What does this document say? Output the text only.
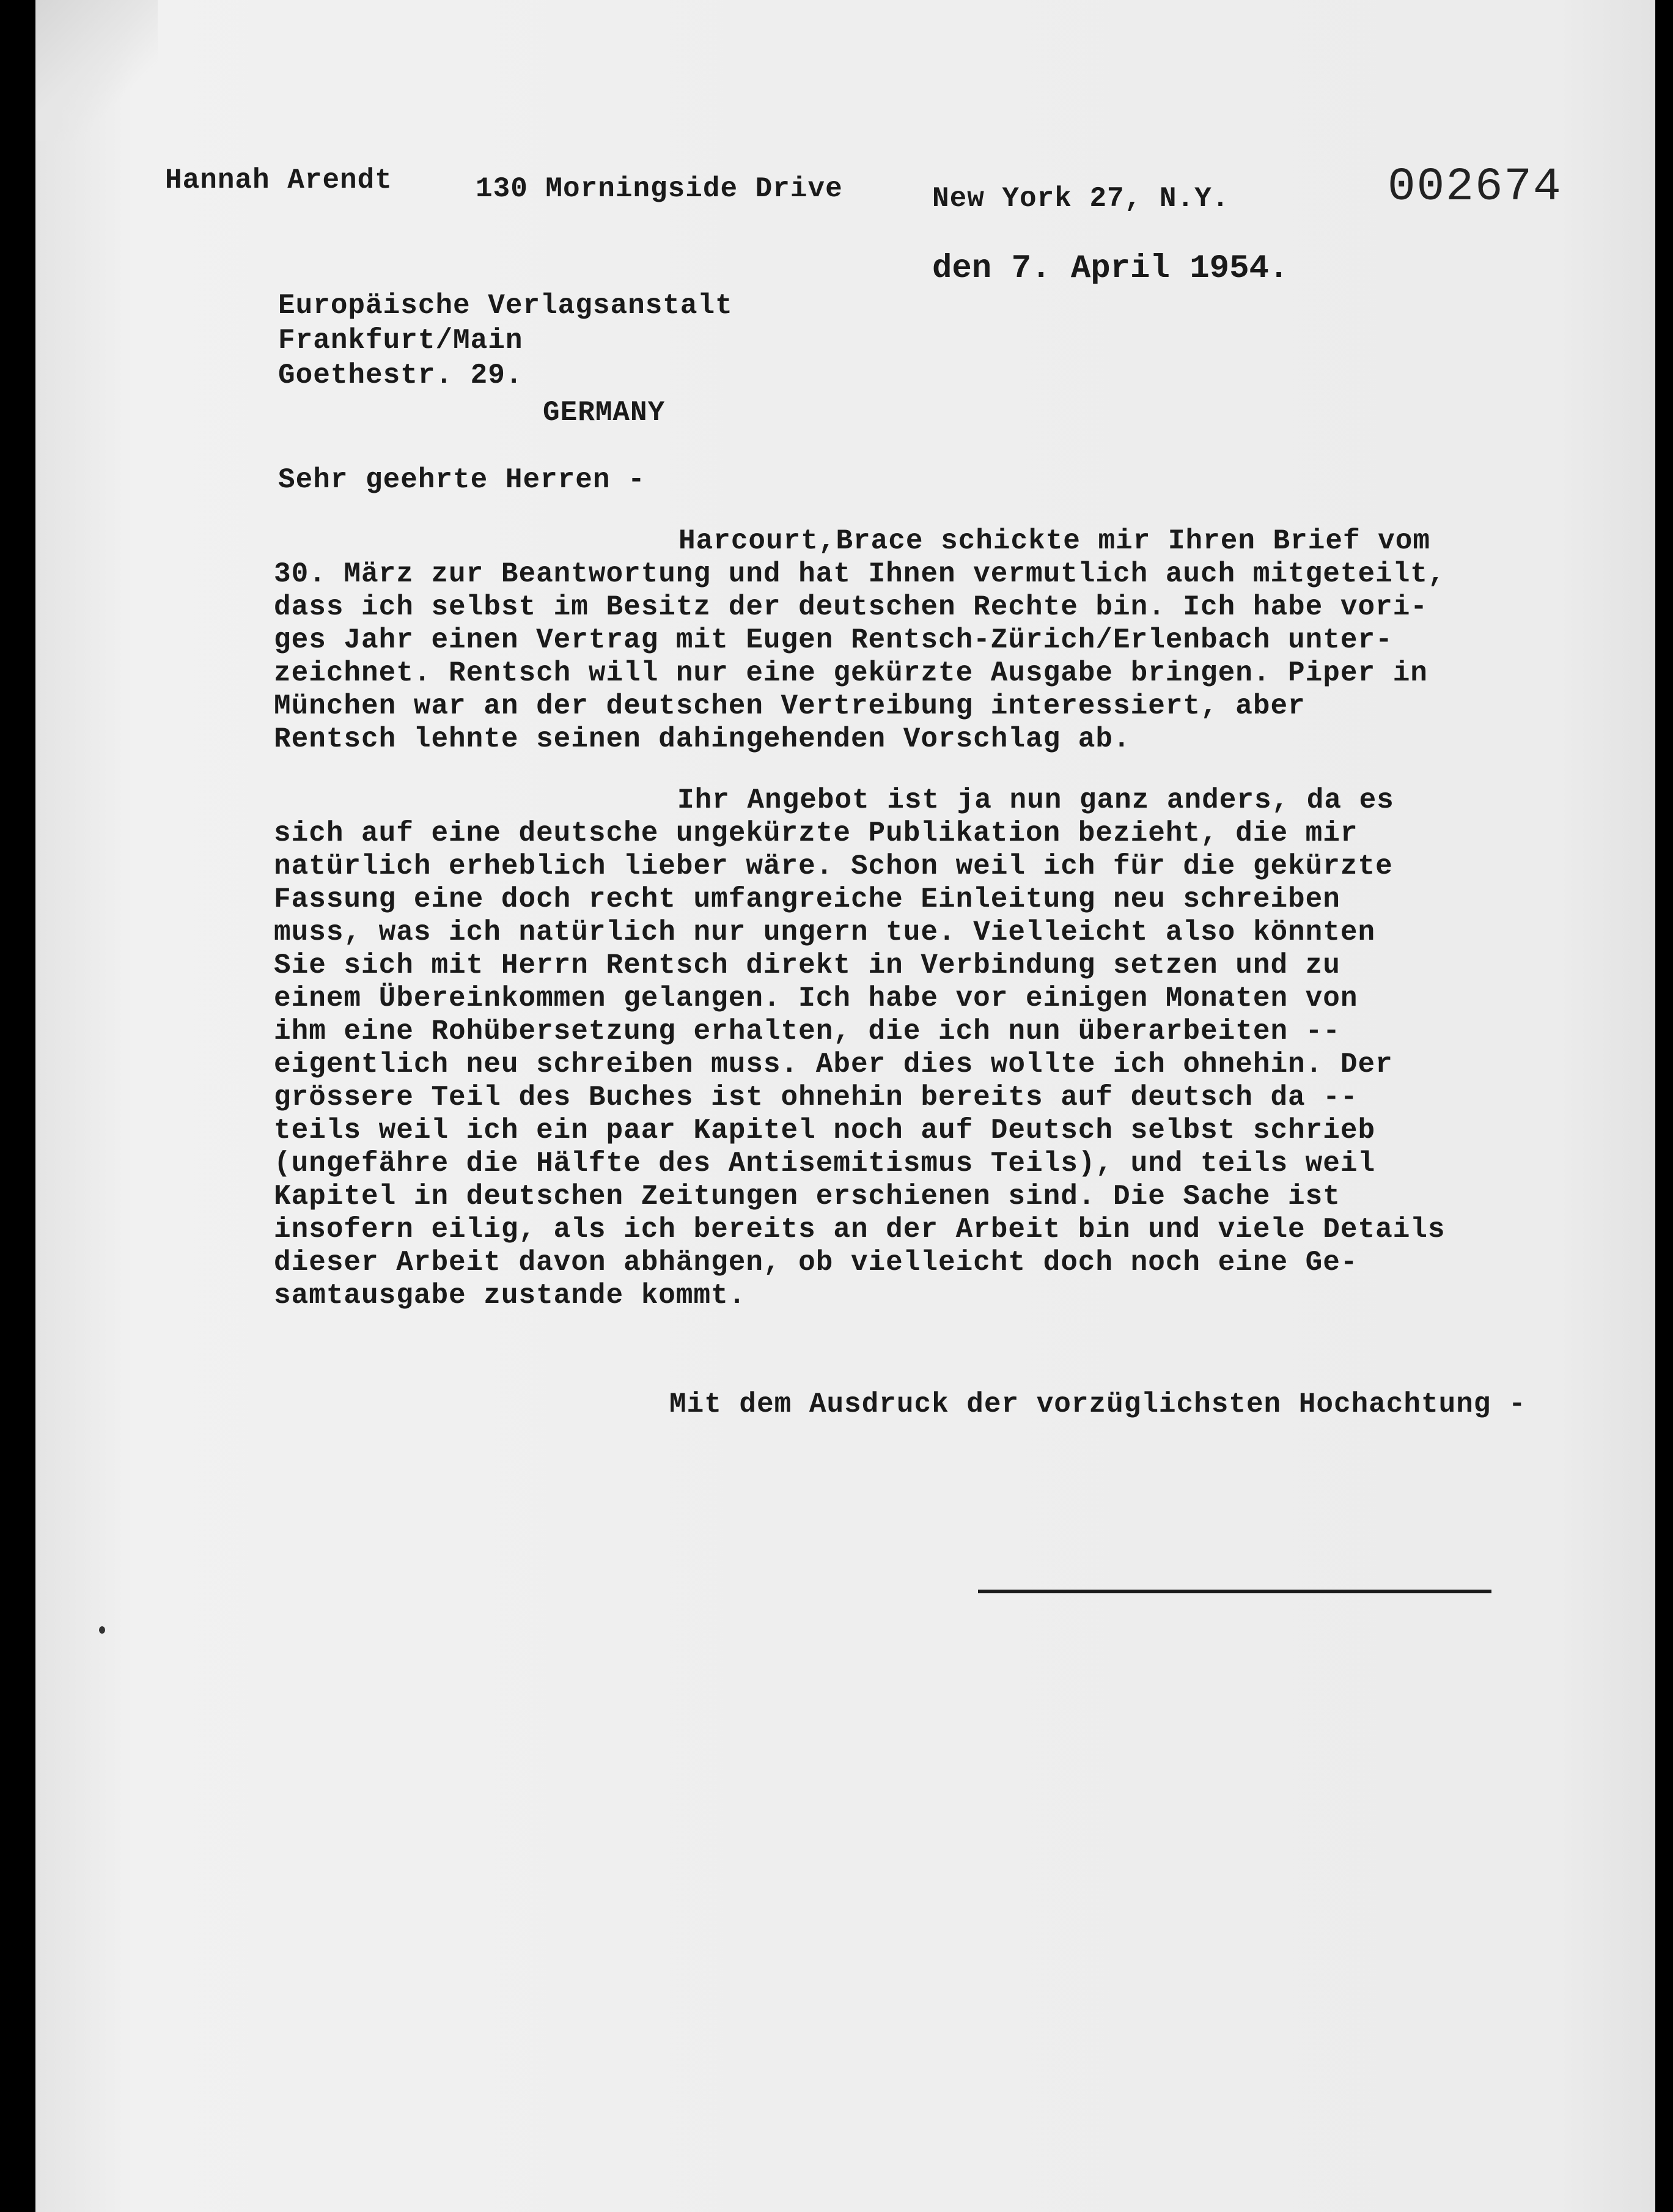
Hannah Arendt	130 Morningside Drive	New York 27, N.Y.	002674
den 7. April 1954.
Europäische Verlagsanstalt
Frankfurt/Main
Goethestr. 29.
GERMANY
Sehr geehrte Herren -
Harcourt,Brace schickte mir Ihren Brief vom
30. März zur Beantwortung und hat Ihnen vermutlich auch mitgeteilt,
dass ich selbst im Besitz der deutschen Rechte bin. Ich habe vori-
ges Jahr einen Vertrag mit Eugen Rentsch-Zürich/Erlenbach unter-
zeichnet. Rentsch will nur eine gekürzte Ausgabe bringen. Piper in
München war an der deutschen Vertreibung interessiert, aber
Rentsch lehnte seinen dahingehenden Vorschlag ab.
Ihr Angebot ist ja nun ganz anders, da es
sich auf eine deutsche ungekürzte Publikation bezieht, die mir
natürlich erheblich lieber wäre. Schon weil ich für die gekürzte
Fassung eine doch recht umfangreiche Einleitung neu schreiben
muss, was ich natürlich nur ungern tue. Vielleicht also könnten
Sie sich mit Herrn Rentsch direkt in Verbindung setzen und zu
einem Übereinkommen gelangen. Ich habe vor einigen Monaten von
ihm eine Rohübersetzung erhalten, die ich nun überarbeiten --
eigentlich neu schreiben muss. Aber dies wollte ich ohnehin. Der
grössere Teil des Buches ist ohnehin bereits auf deutsch da --
teils weil ich ein paar Kapitel noch auf Deutsch selbst schrieb
(ungefähre die Hälfte des Antisemitismus Teils), und teils weil
Kapitel in deutschen Zeitungen erschienen sind. Die Sache ist
insofern eilig, als ich bereits an der Arbeit bin und viele Details
dieser Arbeit davon abhängen, ob vielleicht doch noch eine Ge-
samtausgabe zustande kommt.
Mit dem Ausdruck der vorzüglichsten Hochachtung -
